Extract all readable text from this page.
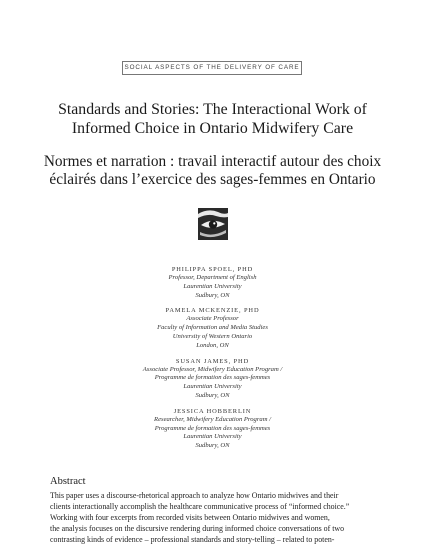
SOCIAL ASPECTS OF THE DELIVERY OF CARE
Standards and Stories: The Interactional Work of
Informed Choice in Ontario Midwifery Care
Normes et narration : travail interactif autour des choix
éclairés dans l’exercice des sages-femmes en Ontario
PHILIPPA SPOEL, PHD
Professor, Department of English
Laurentian University
Sudbury, ON
PAMELA MCKENZIE, PHD
Associate Professor
Faculty of Information and Media Studies
University of Western Ontario
London, ON
SUSAN JAMES, PHD
Associate Professor, Midwifery Education Program /
Programme de formation des sages-femmes
Laurentian University
Sudbury, ON
JESSICA HOBBERLIN
Researcher, Midwifery Education Program /
Programme de formation des sages-femmes
Laurentian University
Sudbury, ON
Abstract
This paper uses a discourse-rhetorical approach to analyze how Ontario midwives and their
clients interactionally accomplish the healthcare communicative process of “informed choice.”
Working with four excerpts from recorded visits between Ontario midwives and women,
the analysis focuses on the discursive rendering during informed choice conversations of two
contrasting kinds of evidence – professional standards and story-telling – related to poten-
